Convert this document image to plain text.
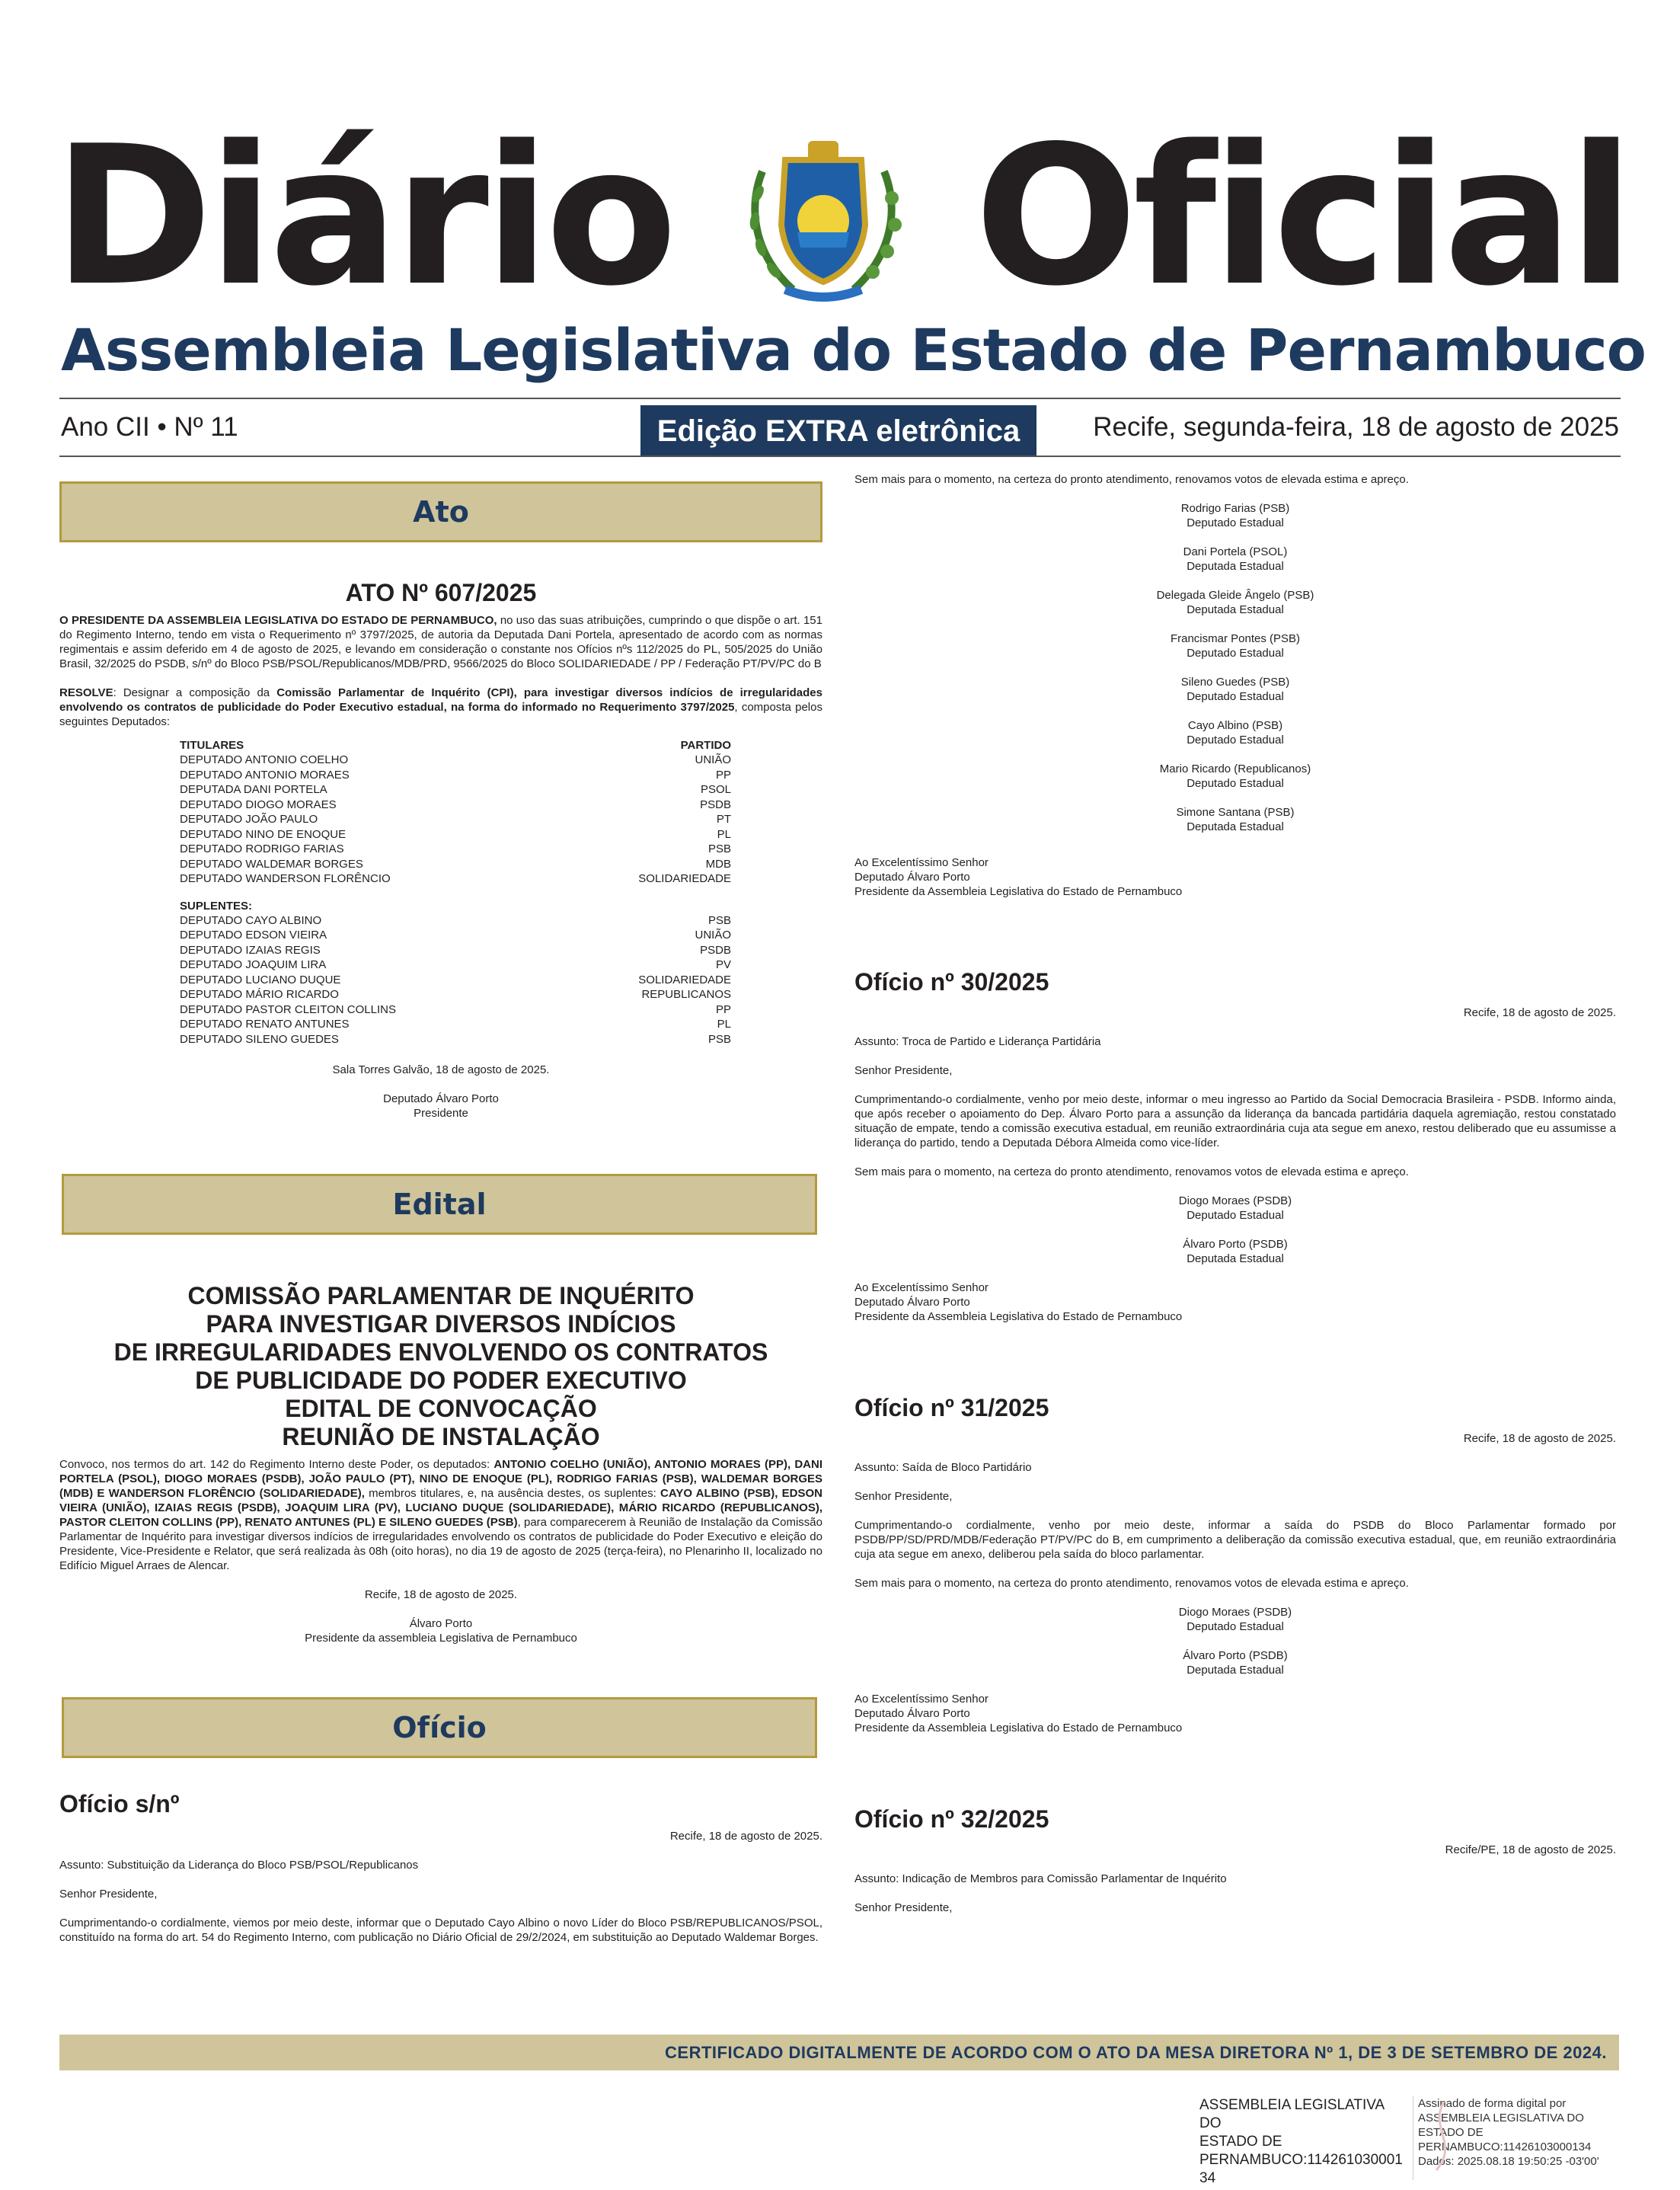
Diário Oficial
Assembleia Legislativa do Estado de Pernambuco
Ano CII • Nº 11	Edição EXTRA eletrônica	Recife, segunda-feira, 18 de agosto de 2025
Ato
ATO Nº 607/2025

O PRESIDENTE DA ASSEMBLEIA LEGISLATIVA DO ESTADO DE PERNAMBUCO, no uso das suas atribuições, cumprindo o que dispõe o art. 151 do Regimento Interno, tendo em vista o Requerimento nº 3797/2025, de autoria da Deputada Dani Portela, apresentado de acordo com as normas regimentais e assim deferido em 4 de agosto de 2025, e levando em consideração o constante nos Ofícios nºs 112/2025 do PL, 505/2025 do União Brasil, 32/2025 do PSDB, s/nº do Bloco PSB/PSOL/Republicanos/MDB/PRD, 9566/2025 do Bloco SOLIDARIEDADE / PP / Federação PT/PV/PC do B

RESOLVE: Designar a composição da Comissão Parlamentar de Inquérito (CPI), para investigar diversos indícios de irregularidades envolvendo os contratos de publicidade do Poder Executivo estadual, na forma do informado no Requerimento 3797/2025, composta pelos seguintes Deputados:

TITULARES	PARTIDO
DEPUTADO ANTONIO COELHO	UNIÃO
DEPUTADO ANTONIO MORAES	PP
DEPUTADA DANI PORTELA	PSOL
DEPUTADO DIOGO MORAES	PSDB
DEPUTADO JOÃO PAULO	PT
DEPUTADO NINO DE ENOQUE	PL
DEPUTADO RODRIGO FARIAS	PSB
DEPUTADO WALDEMAR BORGES	MDB
DEPUTADO WANDERSON FLORÊNCIO	SOLIDARIEDADE
SUPLENTES:
DEPUTADO CAYO ALBINO	PSB
DEPUTADO EDSON VIEIRA	UNIÃO
DEPUTADO IZAIAS REGIS	PSDB
DEPUTADO JOAQUIM LIRA	PV
DEPUTADO LUCIANO DUQUE	SOLIDARIEDADE
DEPUTADO MÁRIO RICARDO	REPUBLICANOS
DEPUTADO PASTOR CLEITON COLLINS	PP
DEPUTADO RENATO ANTUNES	PL
DEPUTADO SILENO GUEDES	PSB
Sala Torres Galvão, 18 de agosto de 2025.
Deputado Álvaro Porto
Presidente
Edital
COMISSÃO PARLAMENTAR DE INQUÉRITO
PARA INVESTIGAR DIVERSOS INDÍCIOS
DE IRREGULARIDADES ENVOLVENDO OS CONTRATOS
DE PUBLICIDADE DO PODER EXECUTIVO
EDITAL DE CONVOCAÇÃO
REUNIÃO DE INSTALAÇÃO

Convoco, nos termos do art. 142 do Regimento Interno deste Poder, os deputados: ANTONIO COELHO (UNIÃO), ANTONIO MORAES (PP), DANI PORTELA (PSOL), DIOGO MORAES (PSDB), JOÃO PAULO (PT), NINO DE ENOQUE (PL), RODRIGO FARIAS (PSB), WALDEMAR BORGES (MDB) E WANDERSON FLORÊNCIO (SOLIDARIEDADE), membros titulares, e, na ausência destes, os suplentes: CAYO ALBINO (PSB), EDSON VIEIRA (UNIÃO), IZAIAS REGIS (PSDB), JOAQUIM LIRA (PV), LUCIANO DUQUE (SOLIDARIEDADE), MÁRIO RICARDO (REPUBLICANOS), PASTOR CLEITON COLLINS (PP), RENATO ANTUNES (PL) E SILENO GUEDES (PSB), para comparecerem à Reunião de Instalação da Comissão Parlamentar de Inquérito para investigar diversos indícios de irregularidades envolvendo os contratos de publicidade do Poder Executivo e eleição do Presidente, Vice-Presidente e Relator, que será realizada às 08h (oito horas), no dia 19 de agosto de 2025 (terça-feira), no Plenarinho II, localizado no Edifício Miguel Arraes de Alencar.

Recife, 18 de agosto de 2025.
Álvaro Porto
Presidente da assembleia Legislativa de Pernambuco
Ofício
Ofício s/nº
Recife, 18 de agosto de 2025.
Assunto: Substituição da Liderança do Bloco PSB/PSOL/Republicanos
Senhor Presidente,

Cumprimentando-o cordialmente, viemos por meio deste, informar que o Deputado Cayo Albino o novo Líder do Bloco PSB/REPUBLICANOS/PSOL, constituído na forma do art. 54 do Regimento Interno, com publicação no Diário Oficial de 29/2/2024, em substituição ao Deputado Waldemar Borges.

Sem mais para o momento, na certeza do pronto atendimento, renovamos votos de elevada estima e apreço.
Rodrigo Farias (PSB)
Deputado Estadual
Dani Portela (PSOL)
Deputada Estadual
Delegada Gleide Ângelo (PSB)
Deputada Estadual
Francismar Pontes (PSB)
Deputado Estadual
Sileno Guedes (PSB)
Deputado Estadual
Cayo Albino (PSB)
Deputado Estadual
Mario Ricardo (Republicanos)
Deputado Estadual
Simone Santana (PSB)
Deputada Estadual
Ao Excelentíssimo Senhor
Deputado Álvaro Porto
Presidente da Assembleia Legislativa do Estado de Pernambuco
Ofício nº 30/2025
Recife, 18 de agosto de 2025.
Assunto: Troca de Partido e Liderança Partidária
Senhor Presidente,

Cumprimentando-o cordialmente, venho por meio deste, informar o meu ingresso ao Partido da Social Democracia Brasileira - PSDB. Informo ainda, que após receber o apoiamento do Dep. Álvaro Porto para a assunção da liderança da bancada partidária daquela agremiação, restou constatado situação de empate, tendo a comissão executiva estadual, em reunião extraordinária cuja ata segue em anexo, restou deliberado que eu assumisse a liderança do partido, tendo a Deputada Débora Almeida como vice-líder.

Sem mais para o momento, na certeza do pronto atendimento, renovamos votos de elevada estima e apreço.
Diogo Moraes (PSDB)
Deputado Estadual
Álvaro Porto (PSDB)
Deputada Estadual
Ao Excelentíssimo Senhor
Deputado Álvaro Porto
Presidente da Assembleia Legislativa do Estado de Pernambuco
Ofício nº 31/2025
Recife, 18 de agosto de 2025.
Assunto: Saída de Bloco Partidário
Senhor Presidente,

Cumprimentando-o cordialmente, venho por meio deste, informar a saída do PSDB do Bloco Parlamentar formado por PSDB/PP/SD/PRD/MDB/Federação PT/PV/PC do B, em cumprimento a deliberação da comissão executiva estadual, que, em reunião extraordinária cuja ata segue em anexo, deliberou pela saída do bloco parlamentar.

Sem mais para o momento, na certeza do pronto atendimento, renovamos votos de elevada estima e apreço.
Diogo Moraes (PSDB)
Deputado Estadual
Álvaro Porto (PSDB)
Deputada Estadual
Ao Excelentíssimo Senhor
Deputado Álvaro Porto
Presidente da Assembleia Legislativa do Estado de Pernambuco
Ofício nº 32/2025
Recife/PE, 18 de agosto de 2025.
Assunto: Indicação de Membros para Comissão Parlamentar de Inquérito
Senhor Presidente,
CERTIFICADO DIGITALMENTE DE ACORDO COM O ATO DA MESA DIRETORA Nº 1, DE 3 DE SETEMBRO DE 2024.
ASSEMBLEIA LEGISLATIVA DO
ESTADO DE
PERNAMBUCO:114261030001
34
Assinado de forma digital por
ASSEMBLEIA LEGISLATIVA DO
ESTADO DE
PERNAMBUCO:11426103000134
Dados: 2025.08.18 19:50:25 -03'00'
